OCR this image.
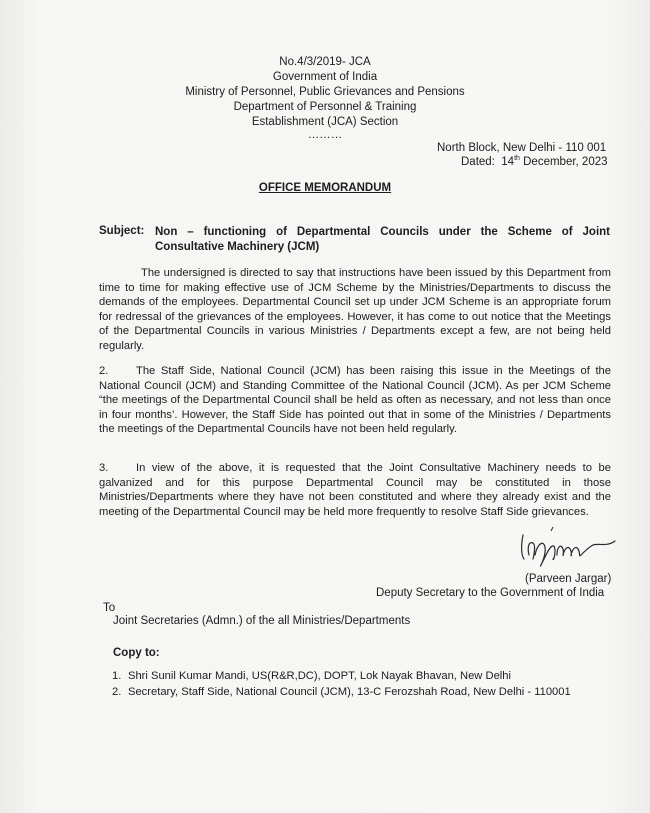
No.4/3/2019- JCA
Government of India
Ministry of Personnel, Public Grievances and Pensions
Department of Personnel & Training
Establishment (JCA) Section
………
North Block, New Delhi - 110 001
Dated: 14th December, 2023
OFFICE MEMORANDUM
Subject: Non – functioning of Departmental Councils under the Scheme of Joint Consultative Machinery (JCM)
The undersigned is directed to say that instructions have been issued by this Department from time to time for making effective use of JCM Scheme by the Ministries/Departments to discuss the demands of the employees. Departmental Council set up under JCM Scheme is an appropriate forum for redressal of the grievances of the employees. However, it has come to out notice that the Meetings of the Departmental Councils in various Ministries / Departments except a few, are not being held regularly.
2. The Staff Side, National Council (JCM) has been raising this issue in the Meetings of the National Council (JCM) and Standing Committee of the National Council (JCM). As per JCM Scheme “the meetings of the Departmental Council shall be held as often as necessary, and not less than once in four months’. However, the Staff Side has pointed out that in some of the Ministries / Departments the meetings of the Departmental Councils have not been held regularly.
3. In view of the above, it is requested that the Joint Consultative Machinery needs to be galvanized and for this purpose Departmental Council may be constituted in those Ministries/Departments where they have not been constituted and where they already exist and the meeting of the Departmental Council may be held more frequently to resolve Staff Side grievances.
(Parveen Jargar)
Deputy Secretary to the Government of India
To
Joint Secretaries (Admn.) of the all Ministries/Departments
Copy to:
1. Shri Sunil Kumar Mandi, US(R&R,DC), DOPT, Lok Nayak Bhavan, New Delhi
2. Secretary, Staff Side, National Council (JCM), 13-C Ferozshah Road, New Delhi - 110001
